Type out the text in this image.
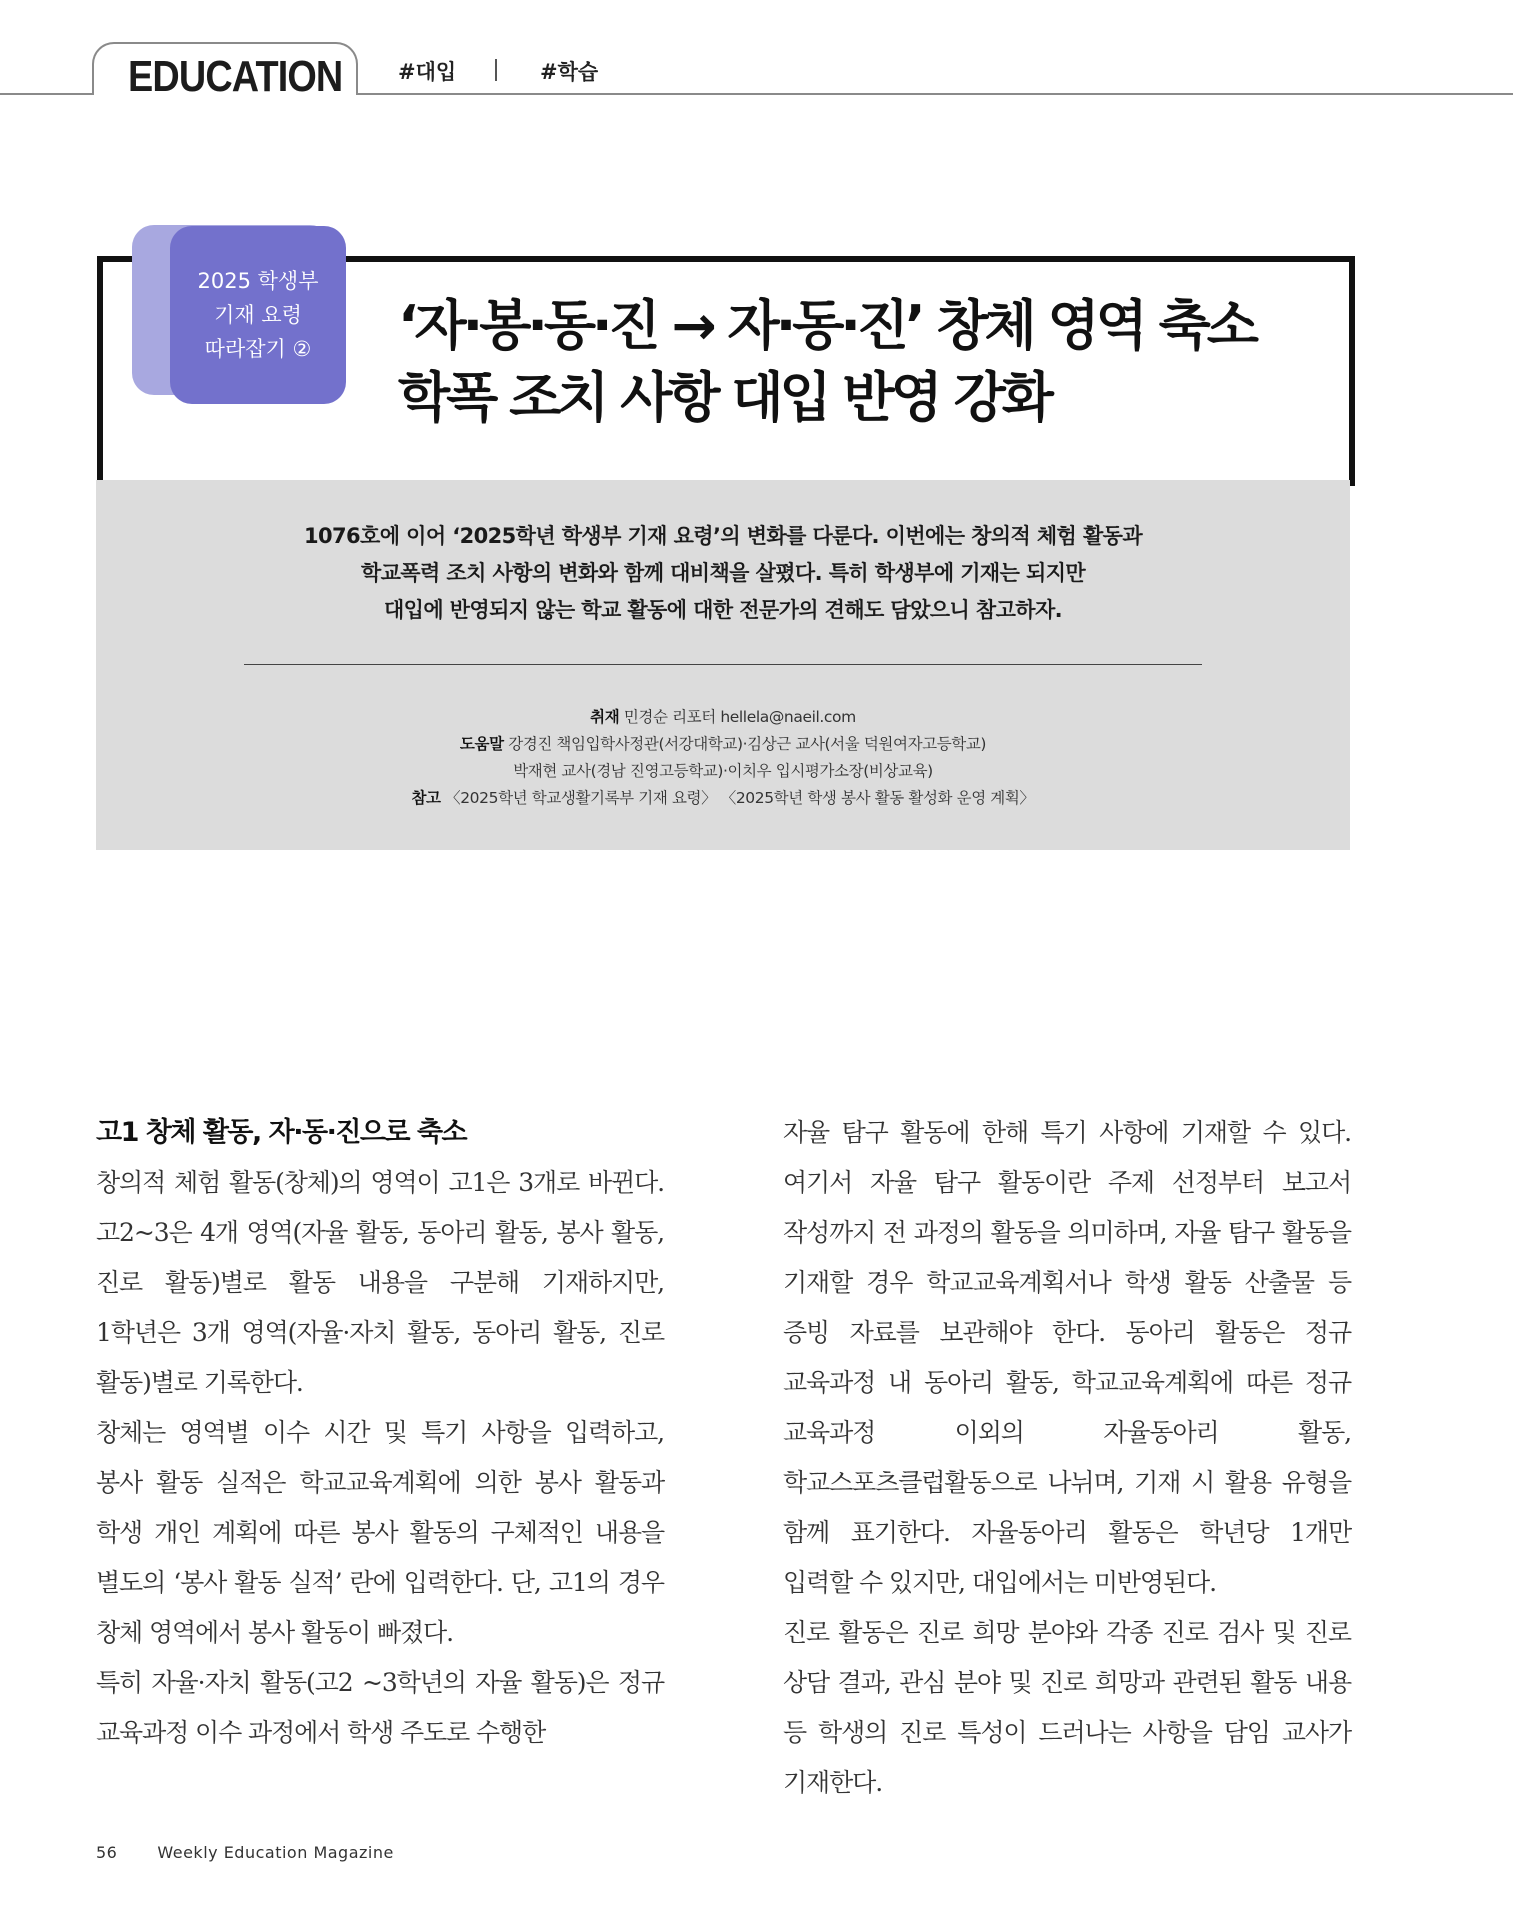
EDUCATION	#대입	#학습
2025 학생부
기재 요령
따라잡기 ② ‘자·봉·동·진 → 자·동·진’ 창체 영역 축소
학폭 조치 사항 대입 반영 강화
1076호에 이어 ‘2025학년 학생부 기재 요령’의 변화를 다룬다. 이번에는 창의적 체험 활동과
학교폭력 조치 사항의 변화와 함께 대비책을 살폈다. 특히 학생부에 기재는 되지만
대입에 반영되지 않는 학교 활동에 대한 전문가의 견해도 담았으니 참고하자.
취재 민경순 리포터 hellela@naeil.com
도움말 강경진 책임입학사정관(서강대학교)·김상근 교사(서울 덕원여자고등학교)
박재현 교사(경남 진영고등학교)·이치우 입시평가소장(비상교육)
참고 〈2025학년 학교생활기록부 기재 요령〉 〈2025학년 학생 봉사 활동 활성화 운영 계획〉
고1 창체 활동, 자·동·진으로 축소

창의적 체험 활동(창체)의 영역이 고1은 3개로 바뀐다. 고2~3은 4개 영역(자율 활동, 동아리 활동, 봉사 활동, 진로 활동)별로 활동 내용을 구분해 기재하지만, 1학년은 3개 영역(자율·자치 활동, 동아리 활동, 진로 활동)별로 기록한다.

창체는 영역별 이수 시간 및 특기 사항을 입력하고, 봉사 활동 실적은 학교교육계획에 의한 봉사 활동과 학생 개인 계획에 따른 봉사 활동의 구체적인 내용을 별도의 ‘봉사 활동 실적’ 란에 입력한다. 단, 고1의 경우 창체 영역에서 봉사 활동이 빠졌다.

특히 자율·자치 활동(고2 ~3학년의 자율 활동)은 정규 교육과정 이수 과정에서 학생 주도로 수행한

자율 탐구 활동에 한해 특기 사항에 기재할 수 있다. 여기서 자율 탐구 활동이란 주제 선정부터 보고서 작성까지 전 과정의 활동을 의미하며, 자율 탐구 활동을 기재할 경우 학교교육계획서나 학생 활동 산출물 등 증빙 자료를 보관해야 한다. 동아리 활동은 정규 교육과정 내 동아리 활동, 학교교육계획에 따른 정규 교육과정 이외의 자율동아리 활동, 학교스포츠클럽활동으로 나뉘며, 기재 시 활용 유형을 함께 표기한다. 자율동아리 활동은 학년당 1개만 입력할 수 있지만, 대입에서는 미반영된다.

진로 활동은 진로 희망 분야와 각종 진로 검사 및 진로 상담 결과, 관심 분야 및 진로 희망과 관련된 활동 내용 등 학생의 진로 특성이 드러나는 사항을 담임 교사가 기재한다.

56	Weekly Education Magazine
